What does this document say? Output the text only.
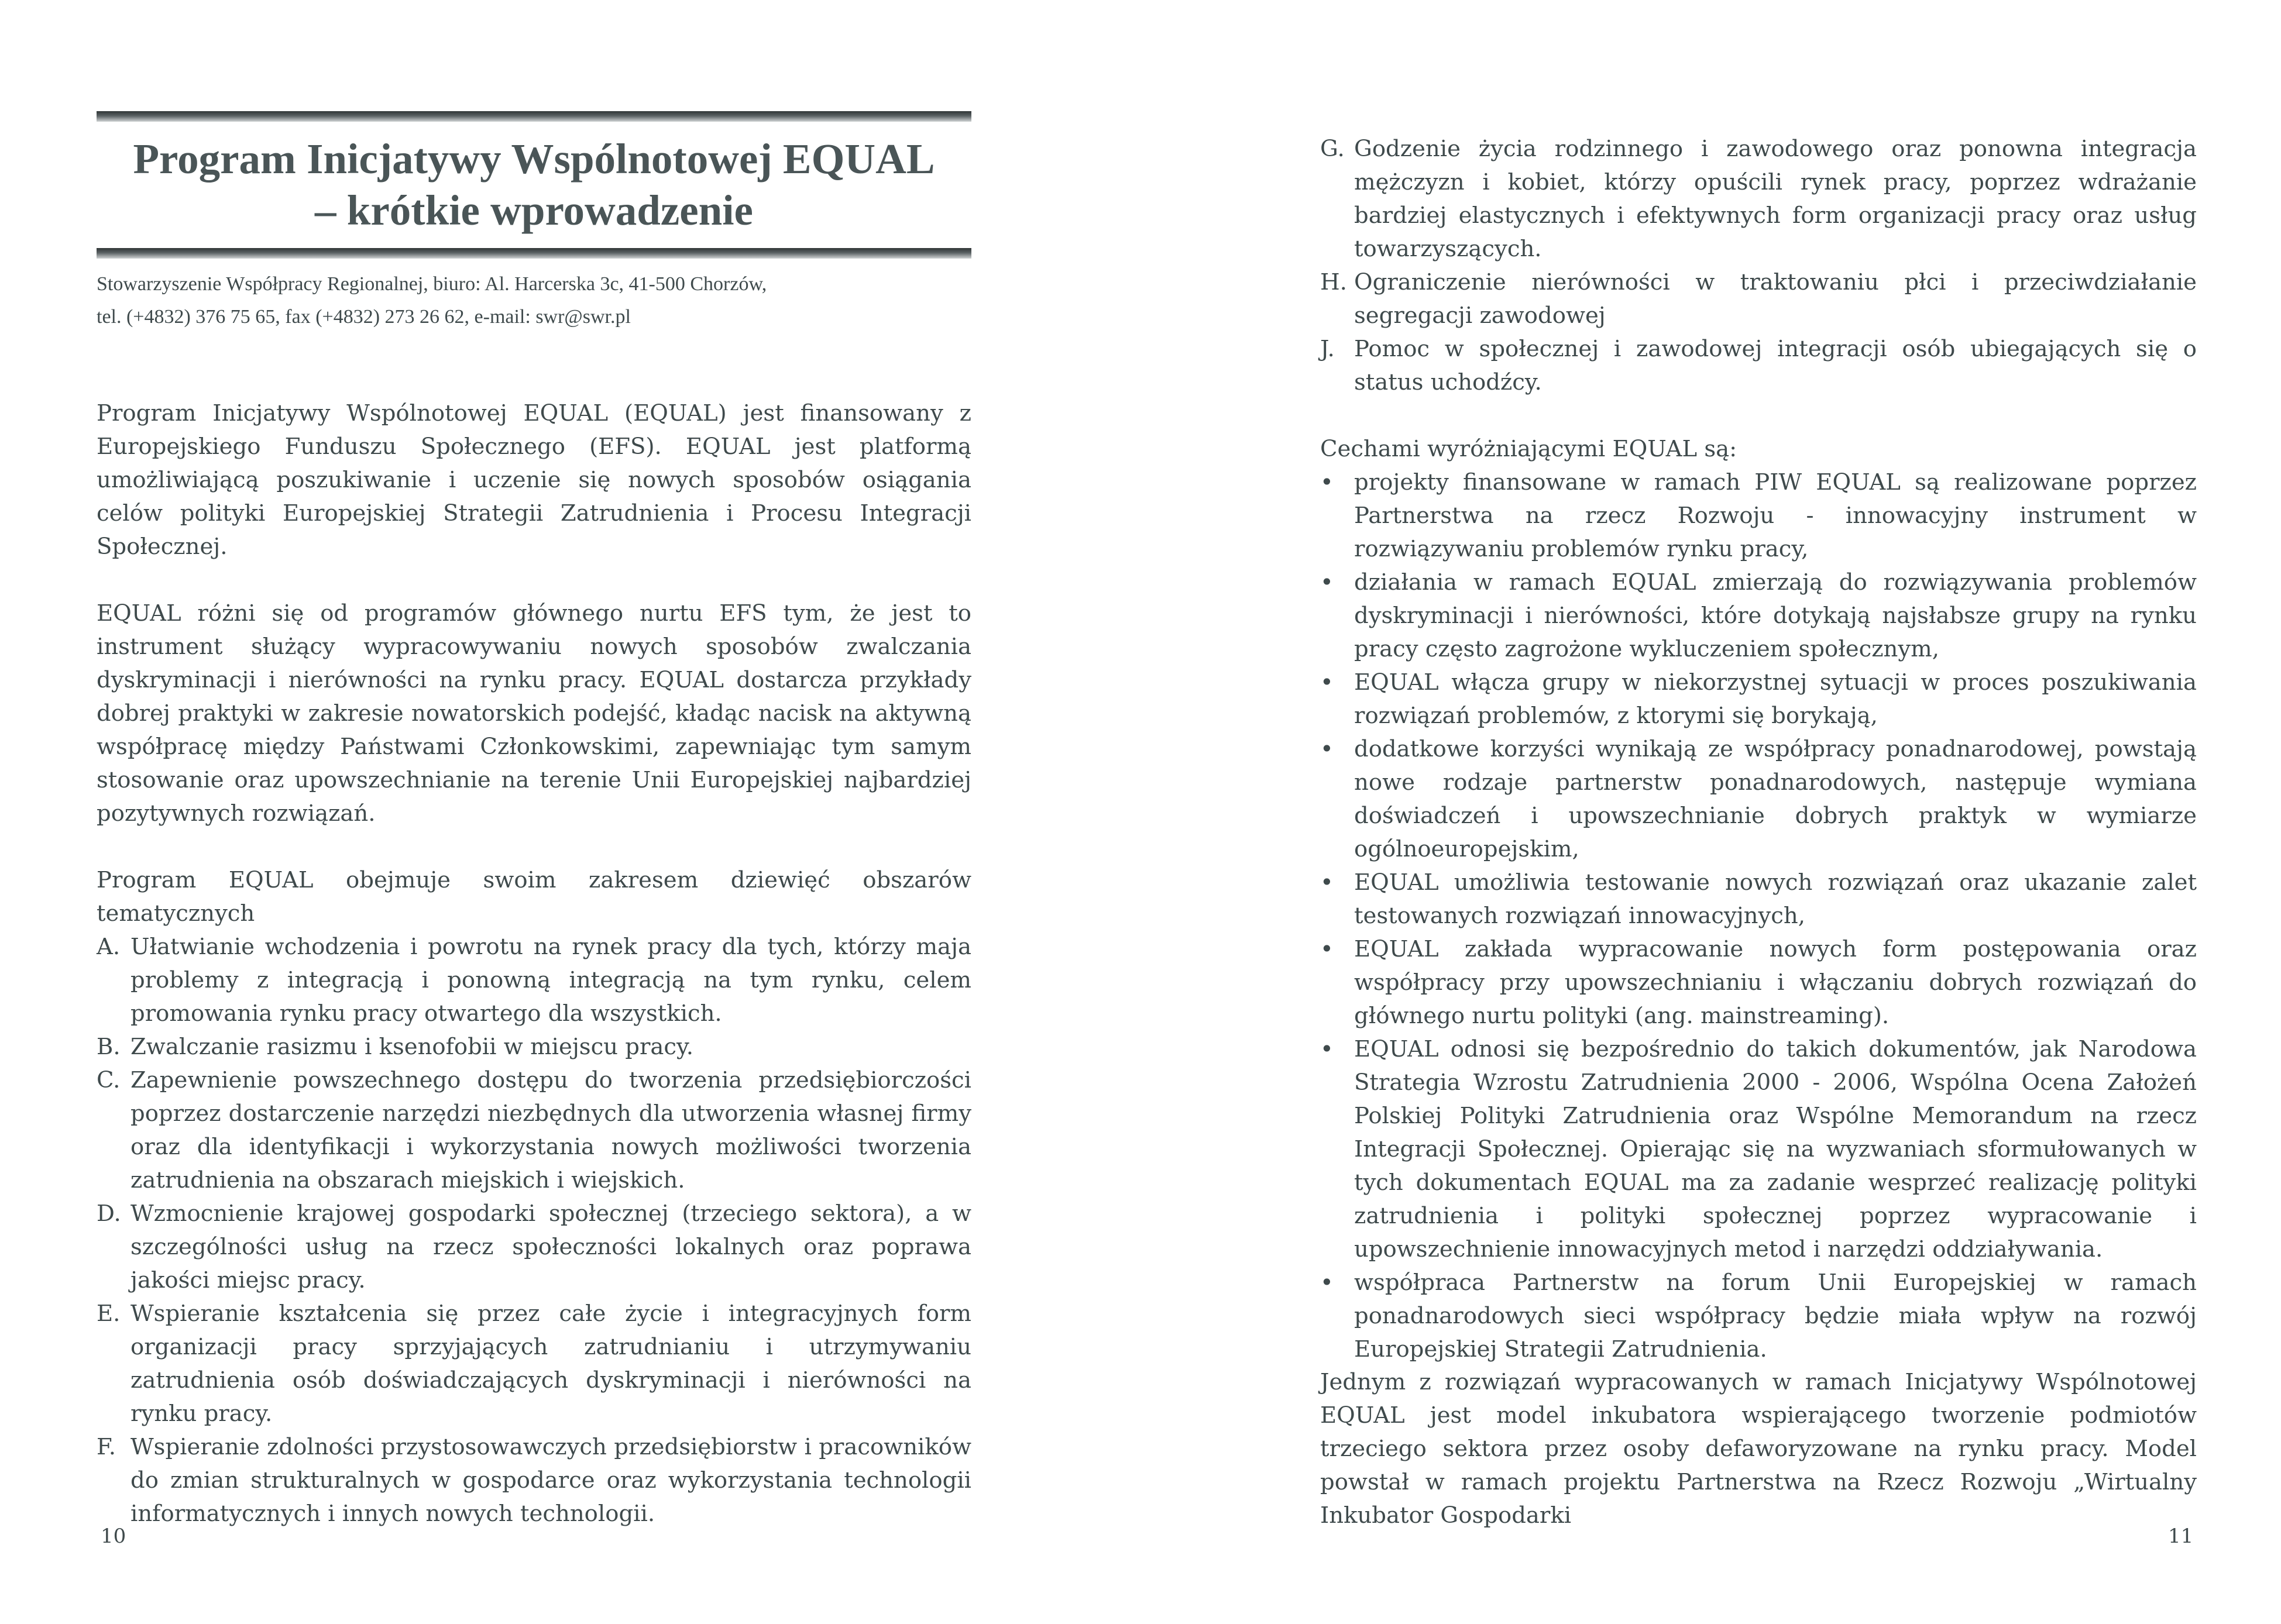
Program Inicjatywy Wspólnotowej EQUAL
– krótkie wprowadzenie
Stowarzyszenie Współpracy Regionalnej, biuro: Al. Harcerska 3c, 41-500 Chorzów,
tel. (+4832) 376 75 65, fax (+4832) 273 26 62, e-mail: swr@swr.pl

Program Inicjatywy Wspólnotowej EQUAL (EQUAL) jest finansowany z Europejskiego Funduszu Społecznego (EFS). EQUAL jest platformą umożliwiającą poszukiwanie i uczenie się nowych sposobów osiągania celów polityki Europejskiej Strategii Zatrudnienia i Procesu Integracji Społecznej.

EQUAL różni się od programów głównego nurtu EFS tym, że jest to instrument służący wypracowywaniu nowych sposobów zwalczania dyskryminacji i nierówności na rynku pracy. EQUAL dostarcza przykłady dobrej praktyki w zakresie nowatorskich podejść, kładąc nacisk na aktywną współpracę między Państwami Członkowskimi, zapewniając tym samym stosowanie oraz upowszechnianie na terenie Unii Europejskiej najbardziej pozytywnych rozwiązań.

Program EQUAL obejmuje swoim zakresem dziewięć obszarów tematycznych

A. Ułatwianie wchodzenia i powrotu na rynek pracy dla tych, którzy maja problemy z integracją i ponowną integracją na tym rynku, celem promowania rynku pracy otwartego dla wszystkich.
B. Zwalczanie rasizmu i ksenofobii w miejscu pracy.
C. Zapewnienie powszechnego dostępu do tworzenia przedsiębiorczości poprzez dostarczenie narzędzi niezbędnych dla utworzenia własnej firmy oraz dla identyfikacji i wykorzystania nowych możliwości tworzenia zatrudnienia na obszarach miejskich i wiejskich.
D. Wzmocnienie krajowej gospodarki społecznej (trzeciego sektora), a w szczególności usług na rzecz społeczności lokalnych oraz poprawa jakości miejsc pracy.
E. Wspieranie kształcenia się przez całe życie i integracyjnych form organizacji pracy sprzyjających zatrudnianiu i utrzymywaniu zatrudnienia osób doświadczających dyskryminacji i nierówności na rynku pracy.
F. Wspieranie zdolności przystosowawczych przedsiębiorstw i pracowników do zmian strukturalnych w gospodarce oraz wykorzystania technologii informatycznych i innych nowych technologii.
10
G. Godzenie życia rodzinnego i zawodowego oraz ponowna integracja mężczyzn i kobiet, którzy opuścili rynek pracy, poprzez wdrażanie bardziej elastycznych i efektywnych form organizacji pracy oraz usług towarzyszących.
H. Ograniczenie nierówności w traktowaniu płci i przeciwdziałanie segregacji zawodowej
J. Pomoc w społecznej i zawodowej integracji osób ubiegających się o status uchodźcy.

Cechami wyróżniającymi EQUAL są:

• projekty finansowane w ramach PIW EQUAL są realizowane poprzez Partnerstwa na rzecz Rozwoju - innowacyjny instrument w rozwiązywaniu problemów rynku pracy,
• działania w ramach EQUAL zmierzają do rozwiązywania problemów dyskryminacji i nierówności, które dotykają najsłabsze grupy na rynku pracy często zagrożone wykluczeniem społecznym,
• EQUAL włącza grupy w niekorzystnej sytuacji w proces poszukiwania rozwiązań problemów, z ktorymi się borykają,
• dodatkowe korzyści wynikają ze współpracy ponadnarodowej, powstają nowe rodzaje partnerstw ponadnarodowych, następuje wymiana doświadczeń i upowszechnianie dobrych praktyk w wymiarze ogólnoeuropejskim,
• EQUAL umożliwia testowanie nowych rozwiązań oraz ukazanie zalet testowanych rozwiązań innowacyjnych,
• EQUAL zakłada wypracowanie nowych form postępowania oraz współpracy przy upowszechnianiu i włączaniu dobrych rozwiązań do głównego nurtu polityki (ang. mainstreaming).
• EQUAL odnosi się bezpośrednio do takich dokumentów, jak Narodowa Strategia Wzrostu Zatrudnienia 2000 - 2006, Wspólna Ocena Założeń Polskiej Polityki Zatrudnienia oraz Wspólne Memorandum na rzecz Integracji Społecznej. Opierając się na wyzwaniach sformułowanych w tych dokumentach EQUAL ma za zadanie wesprzeć realizację polityki zatrudnienia i polityki społecznej poprzez wypracowanie i upowszechnienie innowacyjnych metod i narzędzi oddziaływania.
• współpraca Partnerstw na forum Unii Europejskiej w ramach ponadnarodowych sieci współpracy będzie miała wpływ na rozwój Europejskiej Strategii Zatrudnienia.

Jednym z rozwiązań wypracowanych w ramach Inicjatywy Wspólnotowej EQUAL jest model inkubatora wspierającego tworzenie podmiotów trzeciego sektora przez osoby defaworyzowane na rynku pracy. Model powstał w ramach projektu Partnerstwa na Rzecz Rozwoju „Wirtualny Inkubator Gospodarki

11
